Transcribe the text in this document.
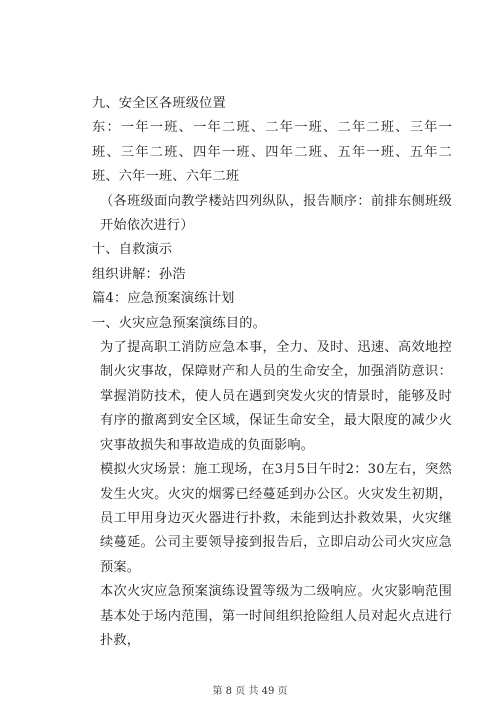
九、安全区各班级位置

东：一年一班、一年二班、二年一班、二年二班、三年一班、三年二班、四年一班、四年二班、五年一班、五年二班、六年一班、六年二班

（各班级面向教学楼站四列纵队，报告顺序：前排东侧班级开始依次进行）

十、自救演示

组织讲解：孙浩

篇4：应急预案演练计划

一、火灾应急预案演练目的。

为了提高职工消防应急本事，全力、及时、迅速、高效地控制火灾事故，保障财产和人员的生命安全，加强消防意识：掌握消防技术，使人员在遇到突发火灾的情景时，能够及时有序的撤离到安全区域，保证生命安全，最大限度的减少火灾事故损失和事故造成的负面影响。

模拟火灾场景：施工现场，在3月5日午时2：30左右，突然发生火灾。火灾的烟雾已经蔓延到办公区。火灾发生初期，员工甲用身边灭火器进行扑救，未能到达扑救效果，火灾继续蔓延。公司主要领导接到报告后，立即启动公司火灾应急预案。

本次火灾应急预案演练设置等级为二级响应。火灾影响范围基本处于场内范围，第一时间组织抢险组人员对起火点进行扑救，

第 8 页 共 49 页
